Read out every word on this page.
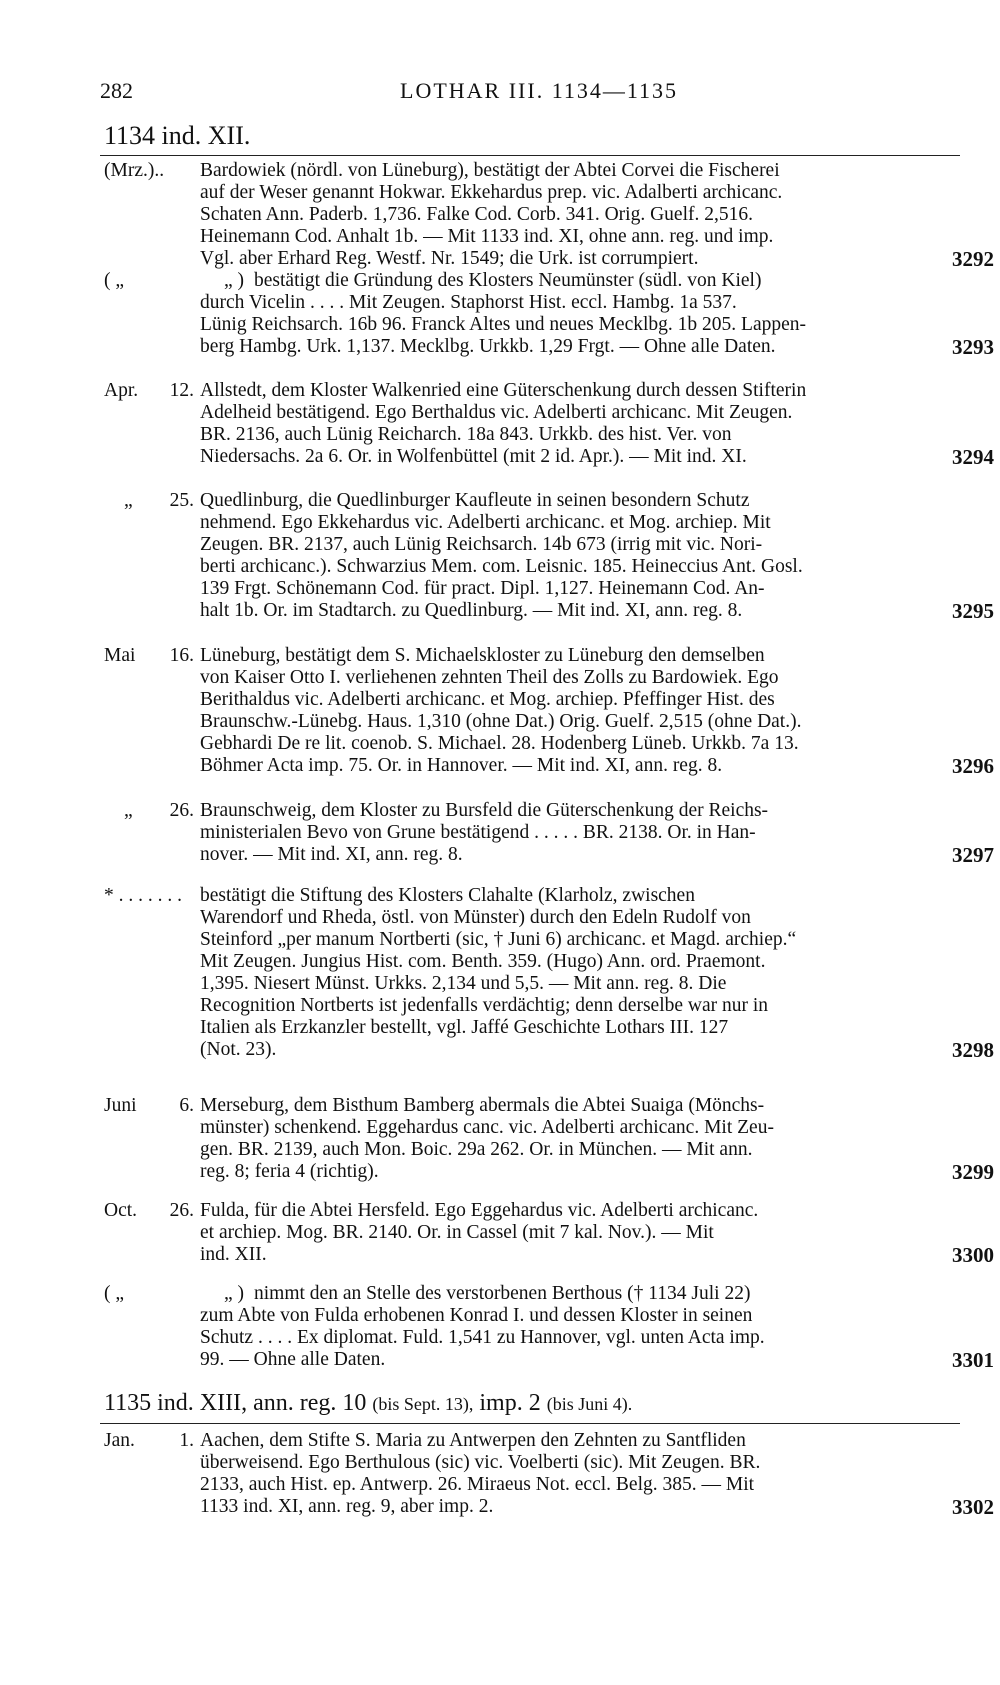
282	LOTHAR III. 1134—1135
1134 ind. XII.
(Mrz.).. Bardowiek (nördl. von Lüneburg), bestätigt der Abtei Corvei die Fischerei
auf der Weser genannt Hokwar. Ekkehardus prep. vic. Adalberti archicanc.
Schaten Ann. Paderb. 1,736. Falke Cod. Corb. 341. Orig. Guelf. 2,516.
Heinemann Cod. Anhalt 1b. — Mit 1133 ind. XI, ohne ann. reg. und imp.
Vgl. aber Erhard Reg. Westf. Nr. 1549; die Urk. ist corrumpiert.	3292
( „	„ ) bestätigt die Gründung des Klosters Neumünster (südl. von Kiel)
durch Vicelin . . . . Mit Zeugen. Staphorst Hist. eccl. Hambg. 1a 537.
Lünig Reichsarch. 16b 96. Franck Altes und neues Mecklbg. 1b 205. Lappen-
berg Hambg. Urk. 1,137. Mecklbg. Urkkb. 1,29 Frgt. — Ohne alle Daten.	3293
Apr.	12. Allstedt, dem Kloster Walkenried eine Güterschenkung durch dessen Stifterin
Adelheid bestätigend. Ego Berthaldus vic. Adelberti archicanc. Mit Zeugen.
BR. 2136, auch Lünig Reicharch. 18a 843. Urkkb. des hist. Ver. von
Niedersachs. 2a 6. Or. in Wolfenbüttel (mit 2 id. Apr.). — Mit ind. XI.	3294
„	25. Quedlinburg, die Quedlinburger Kaufleute in seinen besondern Schutz
nehmend. Ego Ekkehardus vic. Adelberti archicanc. et Mog. archiep. Mit
Zeugen. BR. 2137, auch Lünig Reichsarch. 14b 673 (irrig mit vic. Nori-
berti archicanc.). Schwarzius Mem. com. Leisnic. 185. Heineccius Ant. Gosl.
139 Frgt. Schönemann Cod. für pract. Dipl. 1,127. Heinemann Cod. An-
halt 1b. Or. im Stadtarch. zu Quedlinburg. — Mit ind. XI, ann. reg. 8.	3295
Mai	16. Lüneburg, bestätigt dem S. Michaelskloster zu Lüneburg den demselben
von Kaiser Otto I. verliehenen zehnten Theil des Zolls zu Bardowiek. Ego
Berithaldus vic. Adelberti archicanc. et Mog. archiep. Pfeffinger Hist. des
Braunschw.-Lünebg. Haus. 1,310 (ohne Dat.) Orig. Guelf. 2,515 (ohne Dat.).
Gebhardi De re lit. coenob. S. Michael. 28. Hodenberg Lüneb. Urkkb. 7a 13.
Böhmer Acta imp. 75. Or. in Hannover. — Mit ind. XI, ann. reg. 8.	3296
„	26. Braunschweig, dem Kloster zu Bursfeld die Güterschenkung der Reichs-
ministerialen Bevo von Grune bestätigend . . . . . BR. 2138. Or. in Han-
nover. — Mit ind. XI, ann. reg. 8.	3297
* . . . . . . . bestätigt die Stiftung des Klosters Clahalte (Klarholz, zwischen
Warendorf und Rheda, östl. von Münster) durch den Edeln Rudolf von
Steinford „per manum Nortberti (sic, † Juni 6) archicanc. et Magd. archiep.“
Mit Zeugen. Jungius Hist. com. Benth. 359. (Hugo) Ann. ord. Praemont.
1,395. Niesert Münst. Urkks. 2,134 und 5,5. — Mit ann. reg. 8. Die
Recognition Nortberts ist jedenfalls verdächtig; denn derselbe war nur in
Italien als Erzkanzler bestellt, vgl. Jaffé Geschichte Lothars III. 127
(Not. 23).	3298
Juni	6. Merseburg, dem Bisthum Bamberg abermals die Abtei Suaiga (Mönchs-
münster) schenkend. Eggehardus canc. vic. Adelberti archicanc. Mit Zeu-
gen. BR. 2139, auch Mon. Boic. 29a 262. Or. in München. — Mit ann.
reg. 8; feria 4 (richtig).	3299
Oct.	26. Fulda, für die Abtei Hersfeld. Ego Eggehardus vic. Adelberti archicanc.
et archiep. Mog. BR. 2140. Or. in Cassel (mit 7 kal. Nov.). — Mit
ind. XII.	3300
( „	„ ) nimmt den an Stelle des verstorbenen Berthous († 1134 Juli 22)
zum Abte von Fulda erhobenen Konrad I. und dessen Kloster in seinen
Schutz . . . . Ex diplomat. Fuld. 1,541 zu Hannover, vgl. unten Acta imp.
99. — Ohne alle Daten.	3301
1135 ind. XIII, ann. reg. 10 (bis Sept. 13), imp. 2 (bis Juni 4).
Jan.	1. Aachen, dem Stifte S. Maria zu Antwerpen den Zehnten zu Santfliden
überweisend. Ego Berthulous (sic) vic. Voelberti (sic). Mit Zeugen. BR.
2133, auch Hist. ep. Antwerp. 26. Miraeus Not. eccl. Belg. 385. — Mit
1133 ind. XI, ann. reg. 9, aber imp. 2.	3302
